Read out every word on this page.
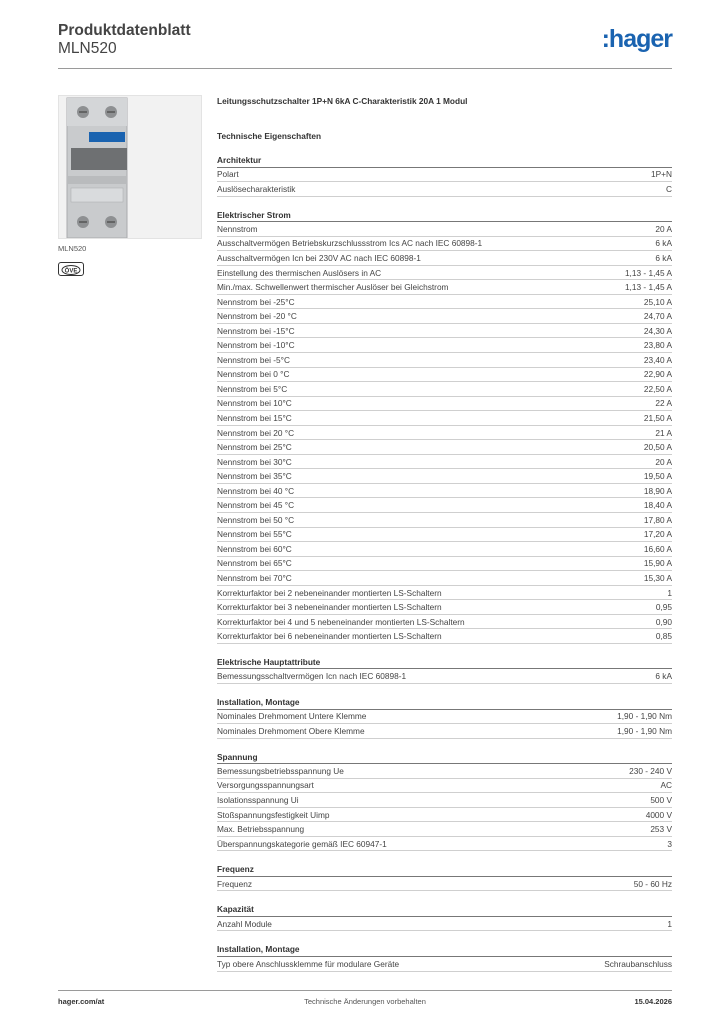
Produktdatenblatt
MLN520	:hager
MLN520
ÖVE
Leitungsschutzschalter 1P+N 6kA C-Charakteristik 20A 1 Modul
Technische Eigenschaften
Architektur
Polart	1P+N
Auslösecharakteristik	C
Elektrischer Strom
Nennstrom	20 A
Ausschaltvermögen Betriebskurzschlussstrom Ics AC nach IEC 60898-1	6 kA
Ausschaltvermögen Icn bei 230V AC nach IEC 60898-1	6 kA
Einstellung des thermischen Auslösers in AC	1,13 - 1,45 A
Min./max. Schwellenwert thermischer Auslöser bei Gleichstrom	1,13 - 1,45 A
Nennstrom bei -25°C	25,10 A
Nennstrom bei -20 °C	24,70 A
Nennstrom bei -15°C	24,30 A
Nennstrom bei -10°C	23,80 A
Nennstrom bei -5°C	23,40 A
Nennstrom bei 0 °C	22,90 A
Nennstrom bei 5°C	22,50 A
Nennstrom bei 10°C	22 A
Nennstrom bei 15°C	21,50 A
Nennstrom bei 20 °C	21 A
Nennstrom bei 25°C	20,50 A
Nennstrom bei 30°C	20 A
Nennstrom bei 35°C	19,50 A
Nennstrom bei 40 °C	18,90 A
Nennstrom bei 45 °C	18,40 A
Nennstrom bei 50 °C	17,80 A
Nennstrom bei 55°C	17,20 A
Nennstrom bei 60°C	16,60 A
Nennstrom bei 65°C	15,90 A
Nennstrom bei 70°C	15,30 A
Korrekturfaktor bei 2 nebeneinander montierten LS-Schaltern	1
Korrekturfaktor bei 3 nebeneinander montierten LS-Schaltern	0,95
Korrekturfaktor bei 4 und 5 nebeneinander montierten LS-Schaltern	0,90
Korrekturfaktor bei 6 nebeneinander montierten LS-Schaltern	0,85
Elektrische Hauptattribute
Bemessungsschaltvermögen Icn nach IEC 60898-1	6 kA
Installation, Montage
Nominales Drehmoment Untere Klemme	1,90 - 1,90 Nm
Nominales Drehmoment Obere Klemme	1,90 - 1,90 Nm
Spannung
Bemessungsbetriebsspannung Ue	230 - 240 V
Versorgungsspannungsart	AC
Isolationsspannung Ui	500 V
Stoßspannungsfestigkeit Uimp	4000 V
Max. Betriebsspannung	253 V
Überspannungskategorie gemäß IEC 60947-1	3
Frequenz
Frequenz	50 - 60 Hz
Kapazität
Anzahl Module	1
Installation, Montage
Typ obere Anschlussklemme für modulare Geräte	Schraubanschluss
hager.com/at	Technische Änderungen vorbehalten	15.04.2026
